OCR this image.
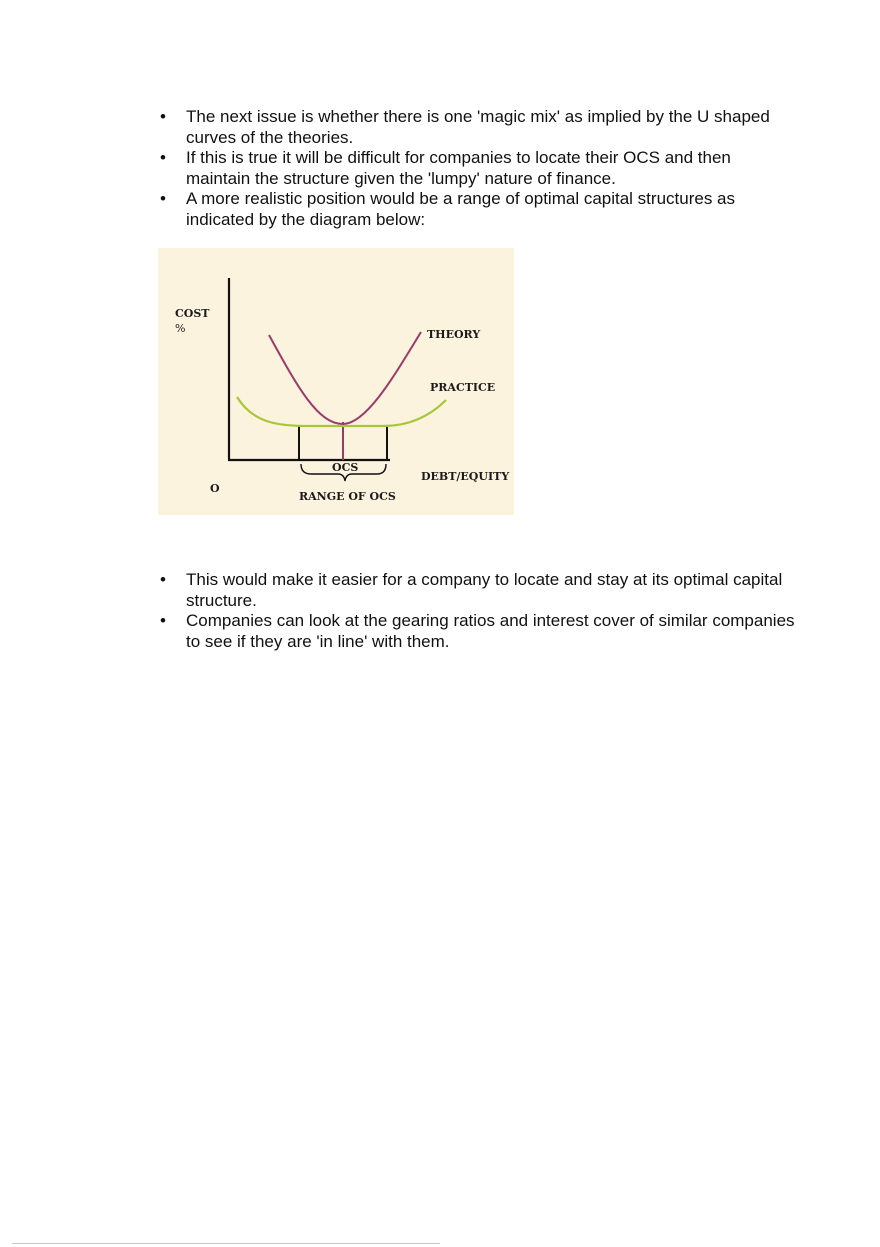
• The next issue is whether there is one 'magic mix' as implied by the U shaped curves of the theories.
• If this is true it will be difficult for companies to locate their OCS and then maintain the structure given the 'lumpy' nature of finance.
• A more realistic position would be a range of optimal capital structures as indicated by the diagram below:
COST
%	THEORY
PRACTICE
OCS
DEBT/EQUITY
O
RANGE OF OCS
• This would make it easier for a company to locate and stay at its optimal capital structure.
• Companies can look at the gearing ratios and interest cover of similar companies to see if they are 'in line' with them.
